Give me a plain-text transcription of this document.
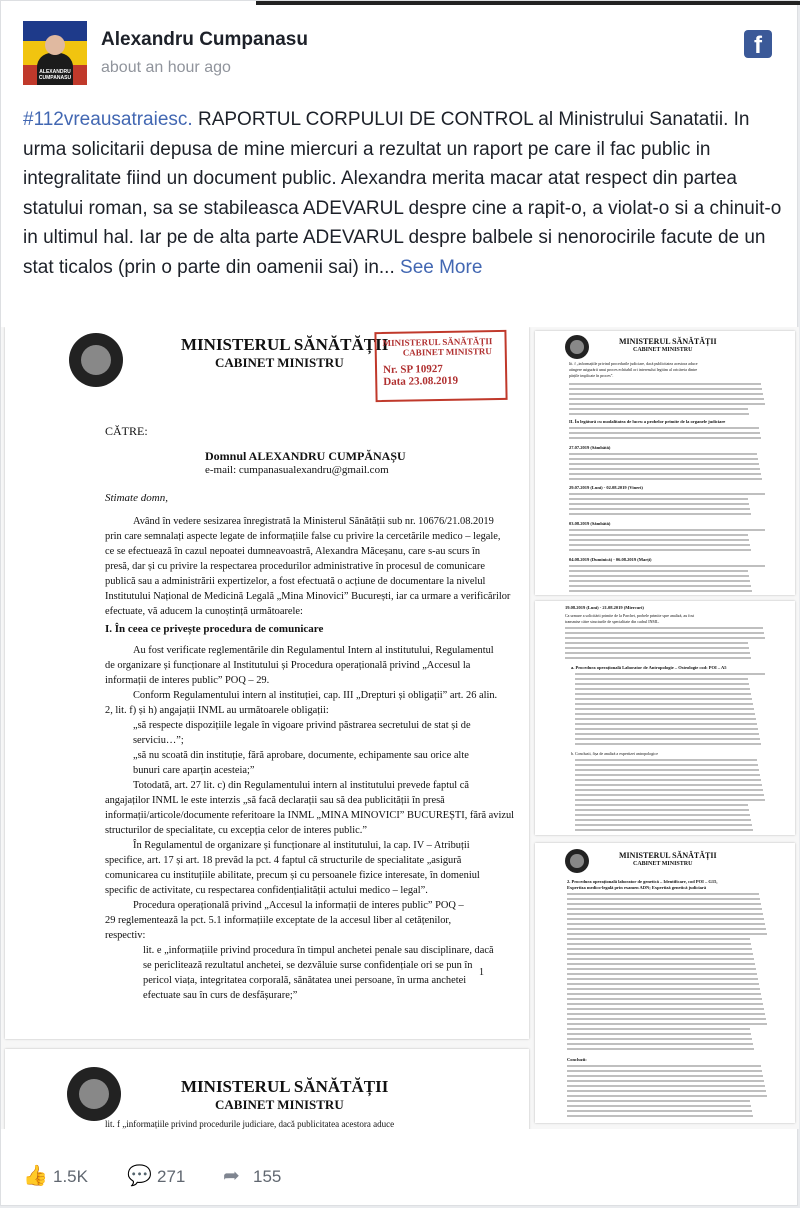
ALEXANDRU CUMPANASU
Alexandru Cumpanasu
about an hour ago
f
#112vreausatraiesc. RAPORTUL CORPULUI DE CONTROL al Ministrului Sanatatii. In urma solicitarii depusa de mine miercuri a rezultat un raport pe care il fac public in integralitate fiind un document public. Alexandra merita macar atat respect din partea statului roman, sa se stabileasca ADEVARUL despre cine a rapit-o, a violat-o si a chinuit-o in ultimul hal. Iar pe de alta parte ADEVARUL despre balbele si nenorocirile facute de un stat ticalos (prin o parte din oamenii sai) in... See More
MINISTERUL SĂNĂTĂȚII
CABINET MINISTRU
MINISTERUL SĂNĂTĂȚII
CABINET MINISTRU
Nr. SP 10927
Data 23.08.2019
CĂTRE:
Domnul ALEXANDRU CUMPĂNAȘU
e-mail: cumpanasualexandru@gmail.com
Stimate domn,
Având în vedere sesizarea înregistrată la Ministerul Sănătății sub nr. 10676/21.08.2019
prin care semnalați aspecte legate de informațiile false cu privire la cercetările medico – legale,
ce se efectuează în cazul nepoatei dumneavoastră, Alexandra Măceșanu, care s-au scurs în
presă, dar și cu privire la respectarea procedurilor administrative în procesul de comunicare
publică sau a administrării expertizelor, a fost efectuată o acțiune de documentare la nivelul
Institutului Național de Medicină Legală „Mina Minovici” București, iar ca urmare a verificărilor
efectuate, vă aducem la cunoștință următoarele:
Au fost verificate reglementările din Regulamentul Intern al institutului, Regulamentul
de organizare și funcționare al Institutului și Procedura operațională privind „Accesul la
informații de interes public” POQ – 29.
Conform Regulamentului intern al instituției, cap. III „Drepturi și obligații” art. 26 alin.
2, lit. f) și h) angajații INML au următoarele obligații:
„să respecte dispozițiile legale în vigoare privind păstrarea secretului de stat și de
serviciu…”;
„să nu scoată din instituție, fără aprobare, documente, echipamente sau orice alte
bunuri care aparțin acesteia;”
Totodată, art. 27 lit. c) din Regulamentului intern al institutului prevede faptul că
angajaților INML le este interzis „să facă declarații sau să dea publicității în presă
informații/articole/documente referitoare la INML „MINA MINOVICI” BUCUREȘTI, fără avizul
structurilor de specialitate, cu excepția celor de interes public.”
În Regulamentul de organizare și funcționare al institutului, la cap. IV – Atribuții
specifice, art. 17 și art. 18 prevăd la pct. 4 faptul că structurile de specialitate „asigură
comunicarea cu instituțiile abilitate, precum și cu persoanele fizice interesate, în domeniul
specific de activitate, cu respectarea confidențialității actului medico – legal”.
Procedura operațională privind „Accesul la informații de interes public” POQ –
29 reglementează la pct. 5.1 informațiile exceptate de la accesul liber al cetățenilor,
respectiv:
lit. e „informațiile privind procedura în timpul anchetei penale sau disciplinare, dacă
se periclitează rezultatul anchetei, se dezvăluie surse confidențiale ori se pun în
pericol viața, integritatea corporală, sănătatea unei persoane, în urma anchetei
efectuate sau în curs de desfășurare;”
I. În ceea ce privește procedura de comunicare
1
MINISTERUL SĂNĂTĂȚII
CABINET MINISTRU
lit. f „informațiile privind procedurile judiciare, dacă publicitatea acestora aduce
MINISTERUL SĂNĂTĂȚII
CABINET MINISTRU
lit. f „informațiile privind procedurile judiciare, dacă publicitatea acestora aduce
atingere asigurării unui proces echitabil ori interesului legitim al oricăreia dintre
părțile implicate în proces”.
II. În legătură cu modalitatea de lucru a probelor primite de la organele judiciare
27.07.2019 (Sâmbătă)
29.07.2019 (Luni) - 02.08.2019 (Vineri)
03.08.2019 (Sâmbătă)
04.08.2019 (Duminică) - 06.08.2019 (Marți)
19.08.2019 (Luni) - 21.08.2019 (Miercuri)
Ca urmare a solicitării primite de la Parchet, probele primite spre analiză, au fost
transmise către structurile de specialitate din cadrul INML.
a. Procedura operațională Laborator de Antropologie – Osteologie cod: POI – A5
b. Concluzii, fișa de analiză a expertizei antropologice
MINISTERUL SĂNĂTĂȚII
CABINET MINISTRU
2. Procedura operațională laborator de genetică – Identificare, cod POI – G15,
Expertiza medico-legală prin examen ADN; Expertiză genetică judiciară
Concluzii:
👍 1.5K 💬 271 ➦ 155
